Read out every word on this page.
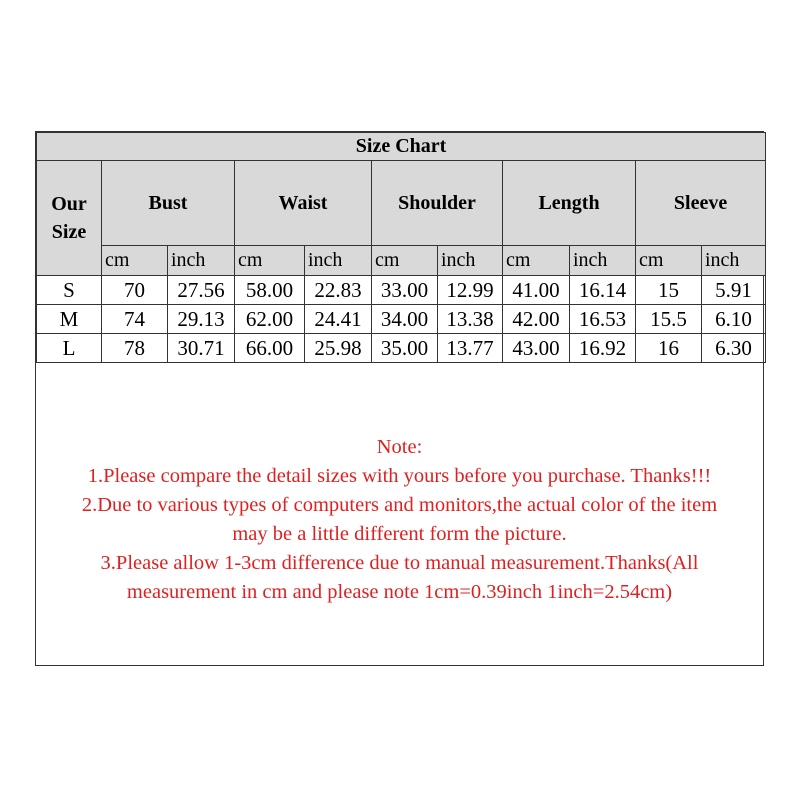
Size Chart										
Our
Size	Bust		Waist		Shoulder		Length		Sleeve	
	cm	inch	cm	inch	cm	inch	cm	inch	cm	inch
S	70	27.56	58.00	22.83	33.00	12.99	41.00	16.14	15	5.91
M	74	29.13	62.00	24.41	34.00	13.38	42.00	16.53	15.5	6.10
L	78	30.71	66.00	25.98	35.00	13.77	43.00	16.92	16	6.30
Note:
1.Please compare the detail sizes with yours before you purchase. Thanks!!!
2.Due to various types of computers and monitors,the actual color of the item
may be a little different form the picture.
3.Please allow 1-3cm difference due to manual measurement.Thanks(All
measurement in cm and please note 1cm=0.39inch 1inch=2.54cm)
